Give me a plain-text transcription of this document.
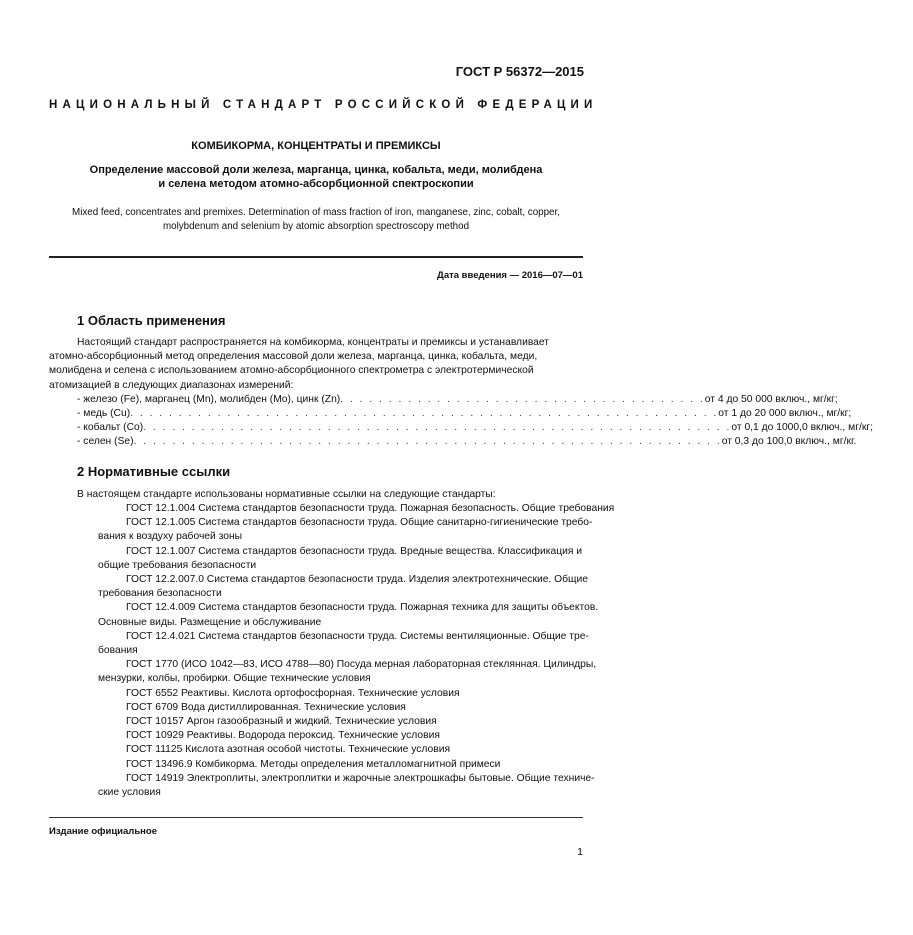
ГОСТ Р 56372—2015
НАЦИОНАЛЬНЫЙ СТАНДАРТ РОССИЙСКОЙ ФЕДЕРАЦИИ
КОМБИКОРМА, КОНЦЕНТРАТЫ И ПРЕМИКСЫ
Определение массовой доли железа, марганца, цинка, кобальта, меди, молибдена
и селена методом атомно-абсорбционной спектроскопии
Mixed feed, concentrates and premixes. Determination of mass fraction of iron, manganese, zinc, cobalt, copper,
molybdenum and selenium by atomic absorption spectroscopy method
Дата введения — 2016—07—01
1 Область применения
Настоящий стандарт распространяется на комбикорма, концентраты и премиксы и устанавливает
атомно-абсорбционный метод определения массовой доли железа, марганца, цинка, кобальта, меди,
молибдена и селена с использованием атомно-абсорбционного спектрометра с электротермической
атомизацией в следующих диапазонах измерений:
- железо (Fe), марганец (Mn), молибден (Mo), цинк (Zn) . . . . . . . . . . . . . . . . . . . . . . . . . . . . . . . . . . . . . . от 4 до 50 000 включ., мг/кг;
- медь (Cu) . . . . . . . . . . . . . . . . . . . . . . . . . . . . . . . . . . . . . . . . . . . . . . . . . . . . . . . . . . . . . от 1 до 20 000 включ., мг/кг;
- кобальт (Co) . . . . . . . . . . . . . . . . . . . . . . . . . . . . . . . . . . . . . . . . . . . . . . . . . . . . . . . . . . . . . от 0,1 до 1000,0 включ., мг/кг;
- селен (Se) . . . . . . . . . . . . . . . . . . . . . . . . . . . . . . . . . . . . . . . . . . . . . . . . . . . . . . . . . . . . . от 0,3 до 100,0 включ., мг/кг.
2 Нормативные ссылки
В настоящем стандарте использованы нормативные ссылки на следующие стандарты:
ГОСТ 12.1.004 Система стандартов безопасности труда. Пожарная безопасность. Общие требования
ГОСТ 12.1.005 Система стандартов безопасности труда. Общие санитарно-гигиенические требо-
вания к воздуху рабочей зоны
ГОСТ 12.1.007 Система стандартов безопасности труда. Вредные вещества. Классификация и
общие требования безопасности
ГОСТ 12.2.007.0 Система стандартов безопасности труда. Изделия электротехнические. Общие
требования безопасности
ГОСТ 12.4.009 Система стандартов безопасности труда. Пожарная техника для защиты объектов.
Основные виды. Размещение и обслуживание
ГОСТ 12.4.021 Система стандартов безопасности труда. Системы вентиляционные. Общие тре-
бования
ГОСТ 1770 (ИСО 1042—83, ИСО 4788—80) Посуда мерная лабораторная стеклянная. Цилиндры,
мензурки, колбы, пробирки. Общие технические условия
ГОСТ 6552 Реактивы. Кислота ортофосфорная. Технические условия
ГОСТ 6709 Вода дистиллированная. Технические условия
ГОСТ 10157 Аргон газообразный и жидкий. Технические условия
ГОСТ 10929 Реактивы. Водорода пероксид. Технические условия
ГОСТ 11125 Кислота азотная особой чистоты. Технические условия
ГОСТ 13496.9 Комбикорма. Методы определения металломагнитной примеси
ГОСТ 14919 Электроплиты, электроплитки и жарочные электрошкафы бытовые. Общие техниче-
ские условия
Издание официальное
1
